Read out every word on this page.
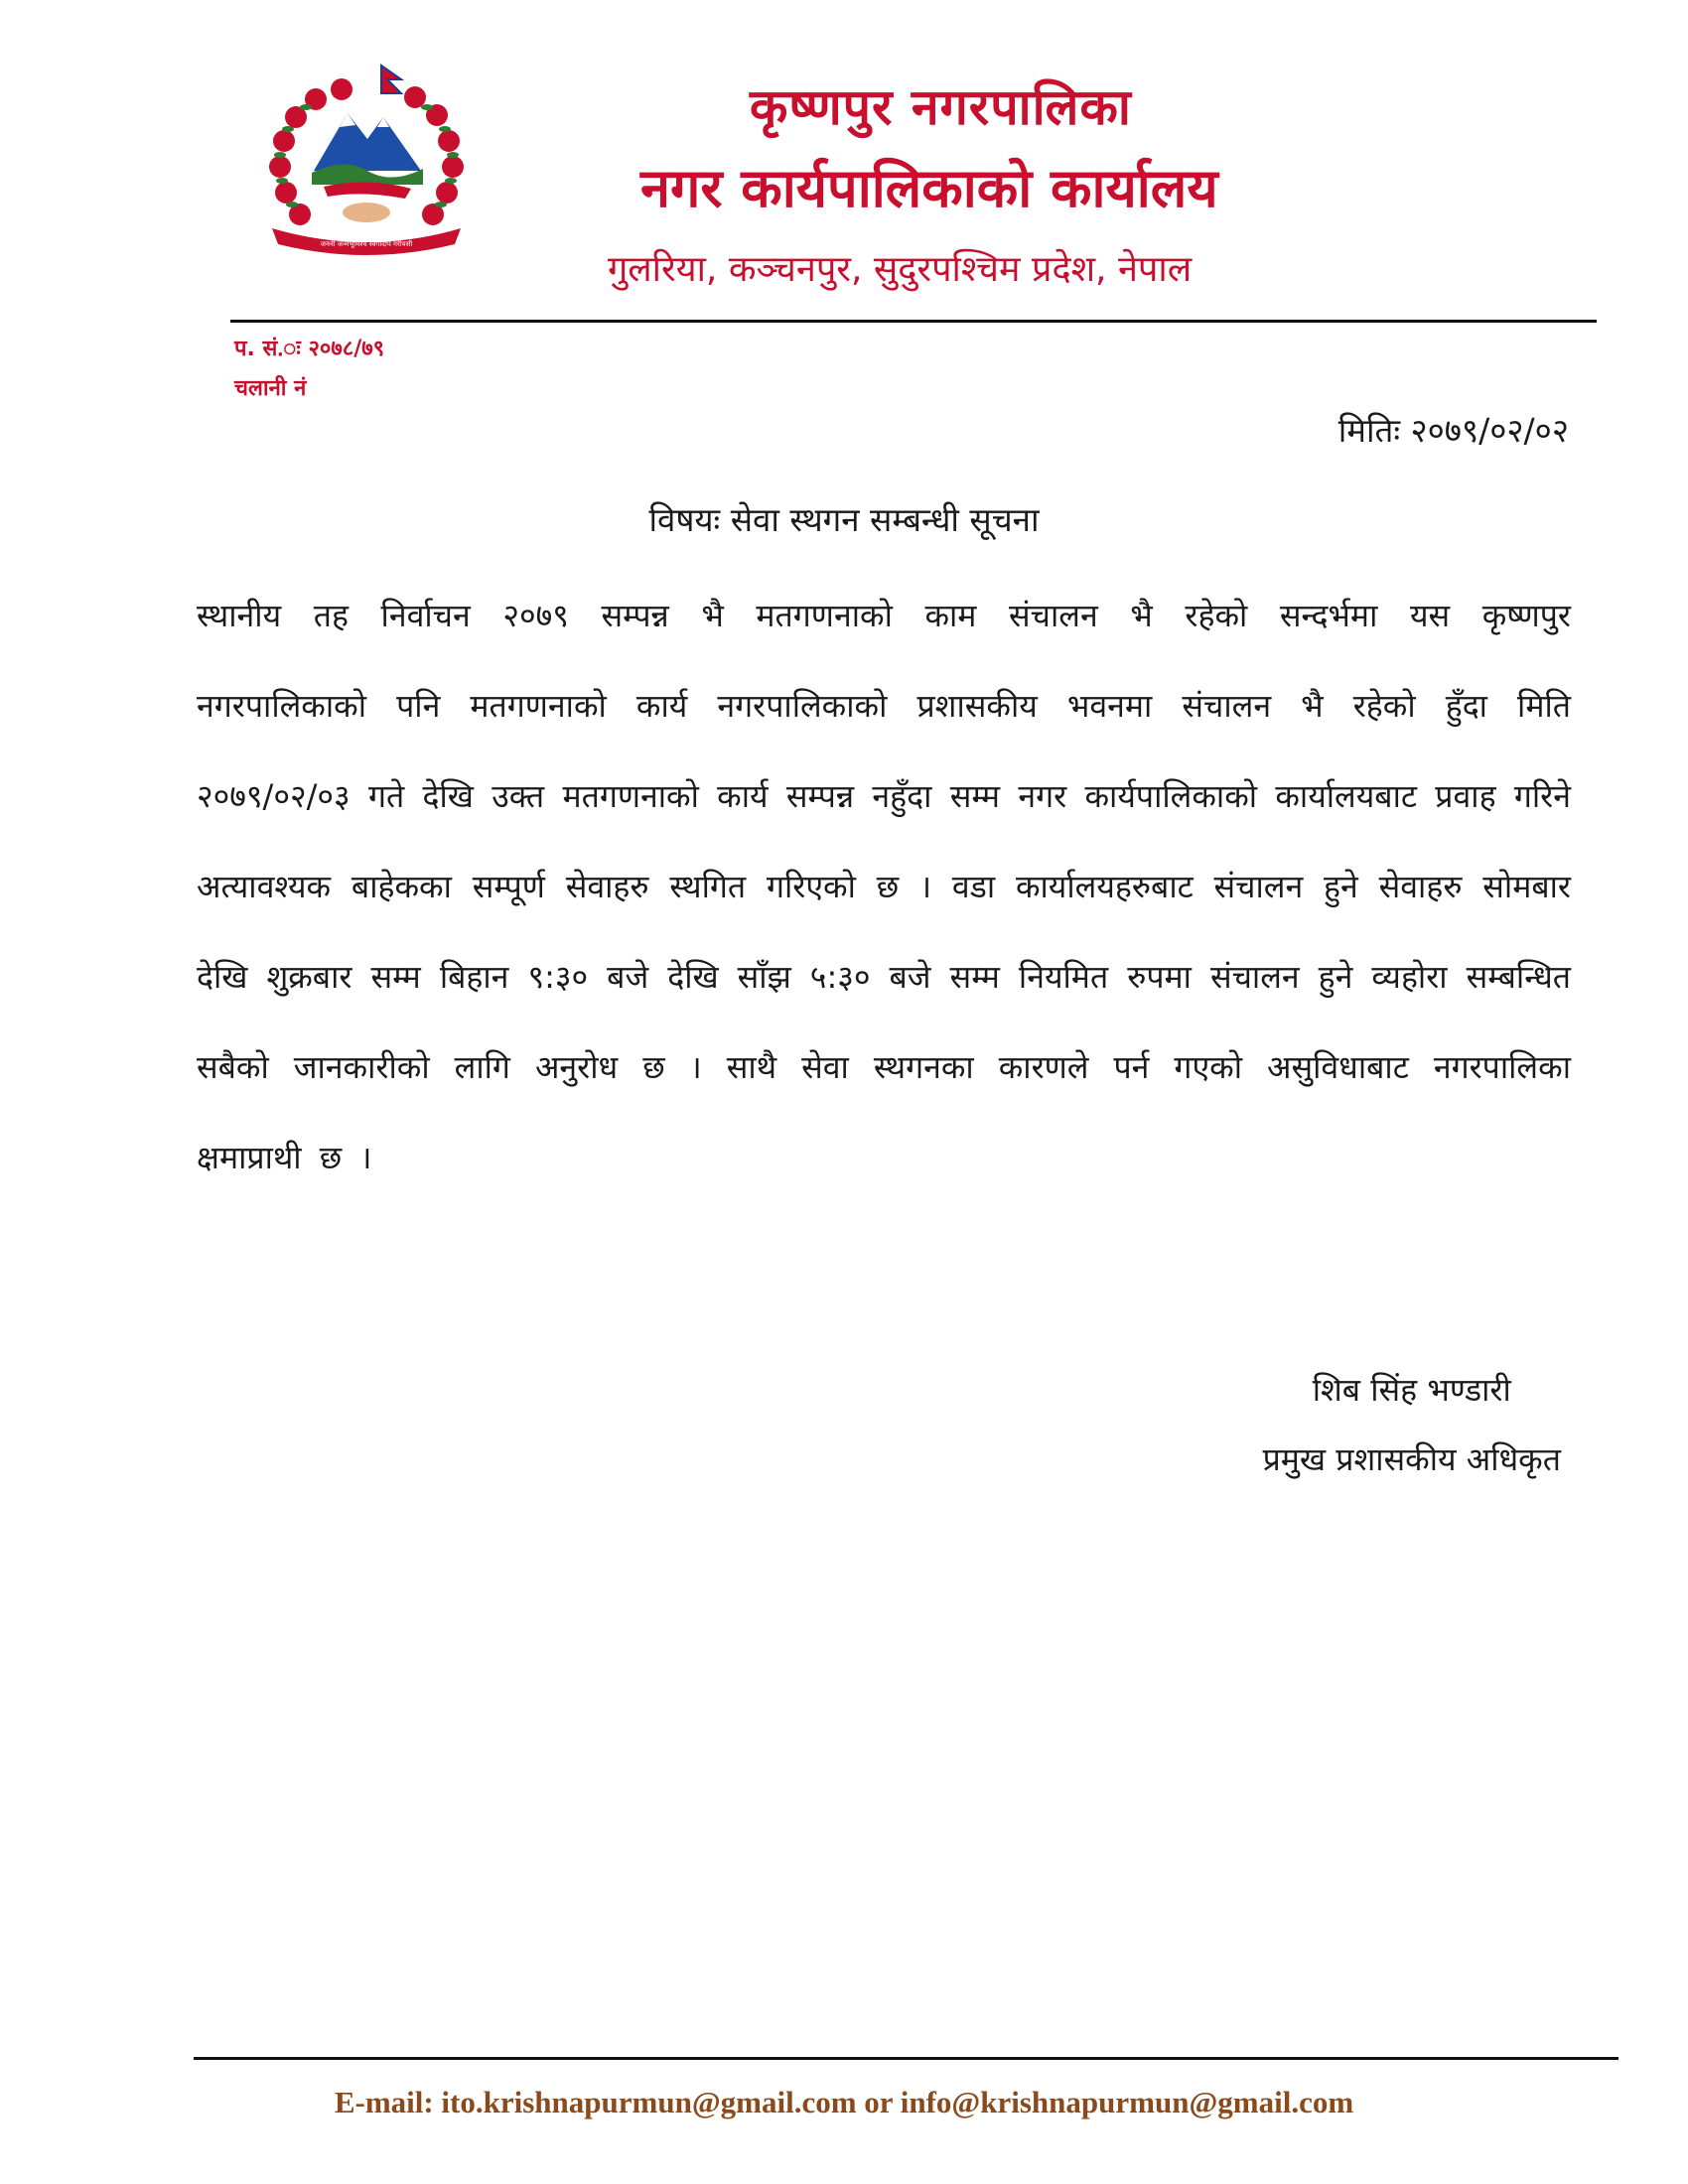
जननी जन्मभूमिश्च स्वर्गादपि गरीयसी
कृष्णपुर नगरपालिका
नगर कार्यपालिकाको कार्यालय
गुलरिया, कञ्चनपुर, सुदुरपश्चिम प्रदेश, नेपाल
प. सं.ः २०७८/७९
चलानी नं
मितिः २०७९/०२/०२
विषयः सेवा स्थगन सम्बन्धी सूचना
स्थानीय तह निर्वाचन २०७९ सम्पन्न भै मतगणनाको काम संचालन भै रहेको सन्दर्भमा यस कृष्णपुर नगरपालिकाको पनि मतगणनाको कार्य नगरपालिकाको प्रशासकीय भवनमा संचालन भै रहेको हुँदा मिति २०७९/०२/०३ गते देखि उक्त मतगणनाको कार्य सम्पन्न नहुँदा सम्म नगर कार्यपालिकाको कार्यालयबाट प्रवाह गरिने अत्यावश्यक बाहेकका सम्पूर्ण सेवाहरु स्थगित गरिएको छ । वडा कार्यालयहरुबाट संचालन हुने सेवाहरु सोमबार देखि शुक्रबार सम्म बिहान ९:३० बजे देखि साँझ ५:३० बजे सम्म नियमित रुपमा संचालन हुने व्यहोरा सम्बन्धित सबैको जानकारीको लागि अनुरोध छ । साथै सेवा स्थगनका कारणले पर्न गएको असुविधाबाट नगरपालिका क्षमाप्राथी छ ।
शिब सिंह भण्डारी
प्रमुख प्रशासकीय अधिकृत
E-mail: ito.krishnapurmun@gmail.com or info@krishnapurmun@gmail.com
